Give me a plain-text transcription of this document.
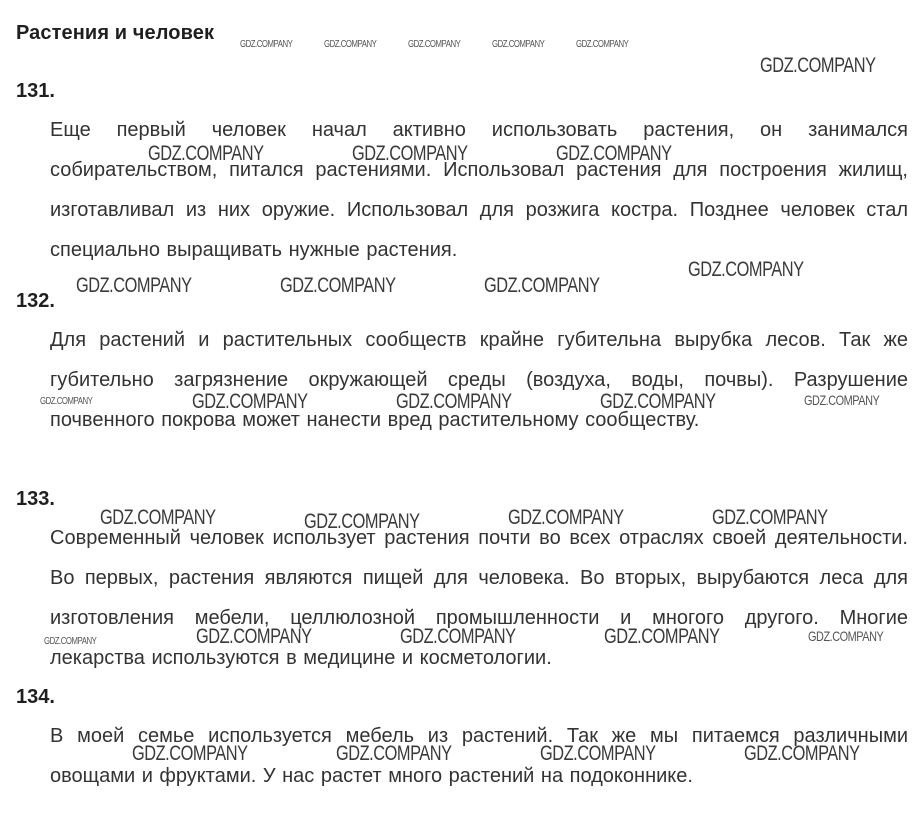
Растения и человек
131.
Еще первый человек начал активно использовать растения, он занимался собирательством, питался растениями. Использовал растения для построения жилищ, изготавливал из них оружие. Использовал для розжига костра. Позднее человек стал специально выращивать нужные растения.
132.
Для растений и растительных сообществ крайне губительна вырубка лесов. Так же губительно загрязнение окружающей среды (воздуха, воды, почвы). Разрушение почвенного покрова может нанести вред растительному сообществу.
133.
Современный человек использует растения почти во всех отраслях своей деятельности. Во первых, растения являются пищей для человека. Во вторых, вырубаются леса для изготовления мебели, целлюлозной промышленности и многого другого. Многие лекарства используются в медицине и косметологии.
134.
В моей семье используется мебель из растений. Так же мы питаемся различными овощами и фруктами. У нас растет много растений на подоконнике.
GDZ.COMPANY	GDZ.COMPANY	GDZ.COMPANY	GDZ.COMPANY	GDZ.COMPANY
GDZ.COMPANY
GDZ.COMPANY	GDZ.COMPANY	GDZ.COMPANY
GDZ.COMPANY	GDZ.COMPANY	GDZ.COMPANY
GDZ.COMPANY
GDZ.COMPANY	GDZ.COMPANY	GDZ.COMPANY	GDZ.COMPANY	GDZ.COMPANY
GDZ.COMPANY	GDZ.COMPANY	GDZ.COMPANY	GDZ.COMPANY
GDZ.COMPANY	GDZ.COMPANY	GDZ.COMPANY	GDZ.COMPANY	GDZ.COMPANY
GDZ.COMPANY	GDZ.COMPANY	GDZ.COMPANY	GDZ.COMPANY
